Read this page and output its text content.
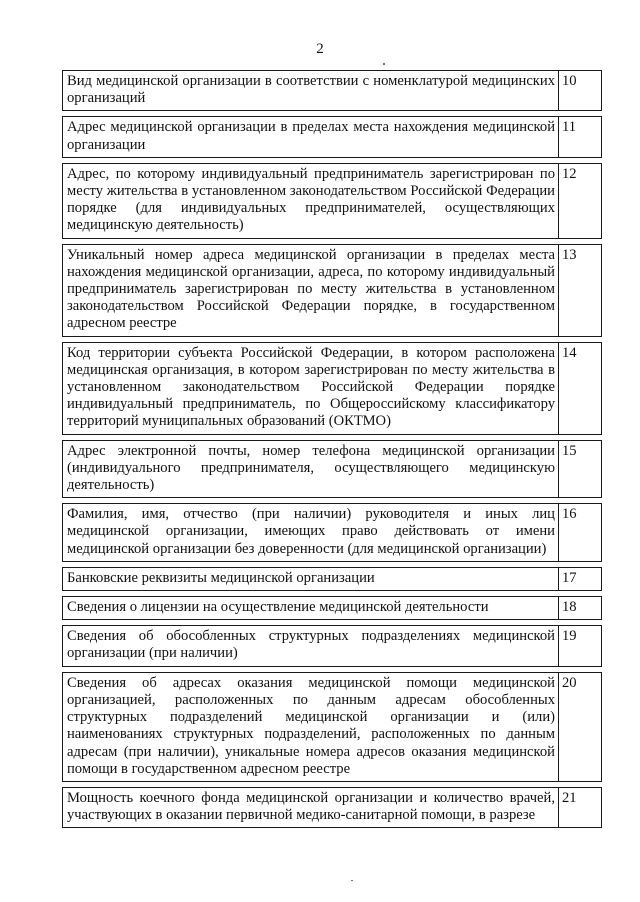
2
Вид медицинской организации в соответствии с номенклатурой медицинских организаций	10

Адрес медицинской организации в пределах места нахождения медицинской организации	11

Адрес, по которому индивидуальный предприниматель зарегистрирован по месту жительства в установленном законодательством Российской Федерации порядке (для индивидуальных предпринимателей, осуществляющих медицинскую деятельность)	12

Уникальный номер адреса медицинской организации в пределах места нахождения медицинской организации, адреса, по которому индивидуальный предприниматель зарегистрирован по месту жительства в установленном законодательством Российской Федерации порядке, в государственном адресном реестре	13

Код территории субъекта Российской Федерации, в котором расположена медицинская организация, в котором зарегистрирован по месту жительства в установленном законодательством Российской Федерации порядке индивидуальный предприниматель, по Общероссийскому классификатору территорий муниципальных образований (ОКТМО)	14

Адрес электронной почты, номер телефона медицинской организации (индивидуального предпринимателя, осуществляющего медицинскую деятельность)	15

Фамилия, имя, отчество (при наличии) руководителя и иных лиц медицинской организации, имеющих право действовать от имени медицинской организации без доверенности (для медицинской организации)	16

Банковские реквизиты медицинской организации	17

Сведения о лицензии на осуществление медицинской деятельности	18

Сведения об обособленных структурных подразделениях медицинской организации (при наличии)	19

Сведения об адресах оказания медицинской помощи медицинской организацией, расположенных по данным адресам обособленных структурных подразделений медицинской организации и (или) наименованиях структурных подразделений, расположенных по данным адресам (при наличии), уникальные номера адресов оказания медицинской помощи в государственном адресном реестре	20

Мощность коечного фонда медицинской организации и количество врачей, участвующих в оказании первичной медико-санитарной помощи, в разрезе	21
